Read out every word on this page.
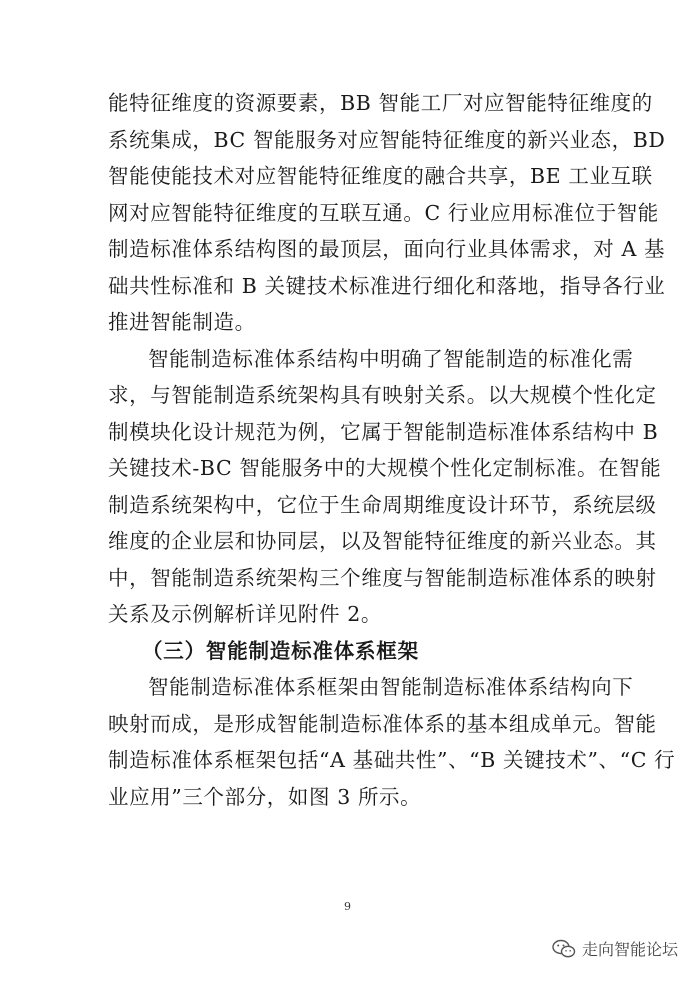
能特征维度的资源要素，BB 智能工厂对应智能特征维度的
系统集成，BC 智能服务对应智能特征维度的新兴业态，BD
智能使能技术对应智能特征维度的融合共享，BE 工业互联
网对应智能特征维度的互联互通。C 行业应用标准位于智能
制造标准体系结构图的最顶层，面向行业具体需求，对 A 基
础共性标准和 B 关键技术标准进行细化和落地，指导各行业
推进智能制造。
智能制造标准体系结构中明确了智能制造的标准化需
求，与智能制造系统架构具有映射关系。以大规模个性化定
制模块化设计规范为例，它属于智能制造标准体系结构中 B
关键技术-BC 智能服务中的大规模个性化定制标准。在智能
制造系统架构中，它位于生命周期维度设计环节，系统层级
维度的企业层和协同层，以及智能特征维度的新兴业态。其
中，智能制造系统架构三个维度与智能制造标准体系的映射
关系及示例解析详见附件 2。
（三）智能制造标准体系框架
智能制造标准体系框架由智能制造标准体系结构向下
映射而成，是形成智能制造标准体系的基本组成单元。智能
制造标准体系框架包括“A 基础共性”、“B 关键技术”、“C 行
业应用”三个部分，如图 3 所示。
9
走向智能论坛
